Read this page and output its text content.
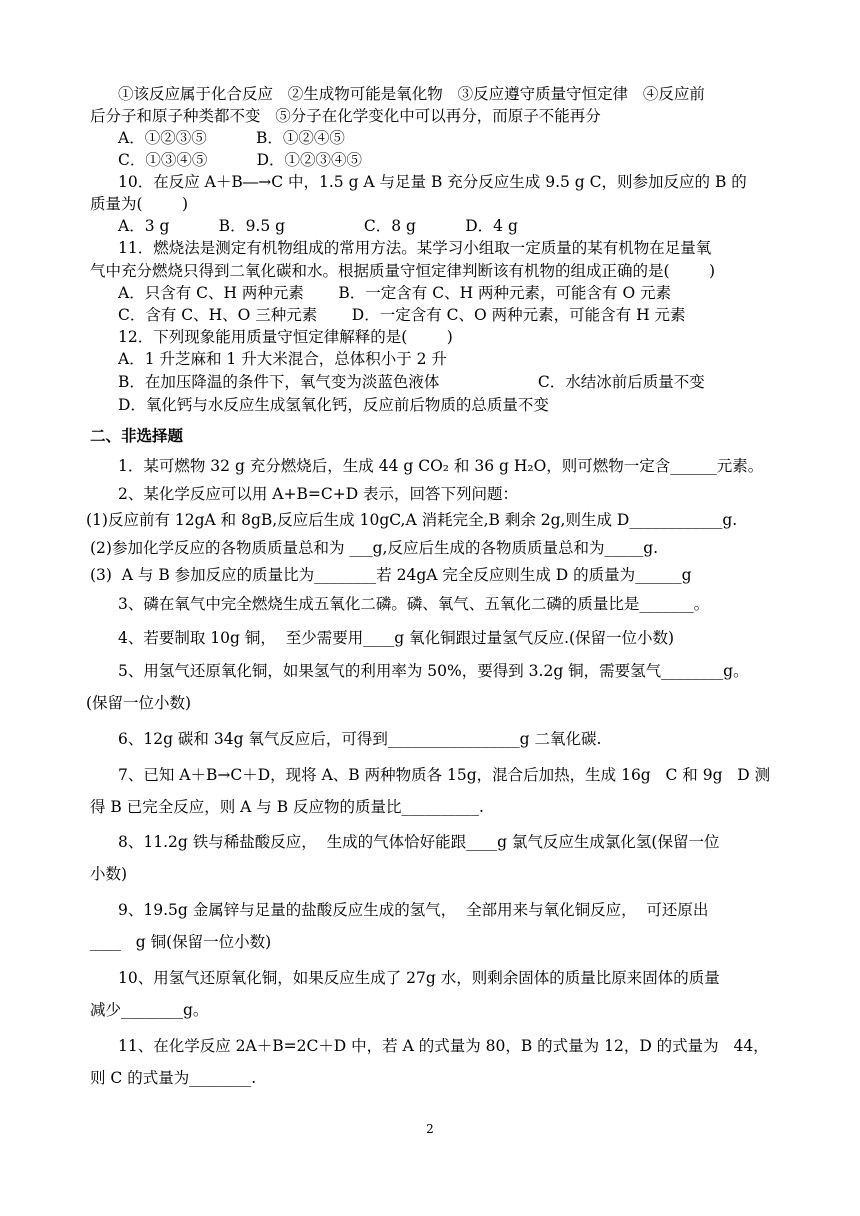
①该反应属于化合反应   ②生成物可能是氧化物   ③反应遵守质量守恒定律   ④反应前
后分子和原子种类都不变   ⑤分子在化学变化中可以再分，而原子不能再分
A．①②③⑤          B．①②④⑤
C．①③④⑤          D．①②③④⑤
10．在反应 A＋B―→C 中，1.5 g A 与足量 B 充分反应生成 9.5 g C，则参加反应的 B 的
质量为(        )
A．3 g          B．9.5 g                C．8 g          D．4 g
11．燃烧法是测定有机物组成的常用方法。某学习小组取一定质量的某有机物在足量氧
气中充分燃烧只得到二氧化碳和水。根据质量守恒定律判断该有机物的组成正确的是(        )
A．只含有 C、H 两种元素       B．一定含有 C、H 两种元素，可能含有 O 元素
C．含有 C、H、O 三种元素       D．一定含有 C、O 两种元素，可能含有 H 元素
12．下列现象能用质量守恒定律解释的是(        )
A．1 升芝麻和 1 升大米混合，总体积小于 2 升
B．在加压降温的条件下，氧气变为淡蓝色液体                    C．水结冰前后质量不变
D．氧化钙与水反应生成氢氧化钙，反应前后物质的总质量不变
二、非选择题
1．某可燃物 32 g 充分燃烧后，生成 44 g CO₂ 和 36 g H₂O，则可燃物一定含______元素。
2、某化学反应可以用 A+B=C+D 表示，回答下列问题：
(1)反应前有 12gA 和 8gB,反应后生成 10gC,A 消耗完全,B 剩余 2g,则生成 D____________g.
(2)参加化学反应的各物质质量总和为 ___g,反应后生成的各物质质量总和为_____g.
(3)  A 与 B 参加反应的质量比为________若 24gA 完全反应则生成 D 的质量为______g
3、磷在氧气中完全燃烧生成五氧化二磷。磷、氧气、五氧化二磷的质量比是_______。
4、若要制取 10g 铜，  至少需要用____g 氧化铜跟过量氢气反应.(保留一位小数)
5、用氢气还原氧化铜，如果氢气的利用率为 50%，要得到 3.2g 铜，需要氢气________g。
(保留一位小数)
6、12g 碳和 34g 氧气反应后，可得到_________________g 二氧化碳.
7、已知 A＋B→C＋D，现将 A、B 两种物质各 15g，混合后加热，生成 16g   C 和 9g   D 测
得 B 已完全反应，则 A 与 B 反应物的质量比__________.
8、11.2g 铁与稀盐酸反应，  生成的气体恰好能跟____g 氯气反应生成氯化氢(保留一位
小数)
9、19.5g 金属锌与足量的盐酸反应生成的氢气，  全部用来与氧化铜反应，  可还原出
____   g 铜(保留一位小数)
10、用氢气还原氧化铜，如果反应生成了 27g 水，则剩余固体的质量比原来固体的质量
减少________g。
11、在化学反应 2A＋B=2C＋D 中，若 A 的式量为 80，B 的式量为 12，D 的式量为   44，
则 C 的式量为________.
2
